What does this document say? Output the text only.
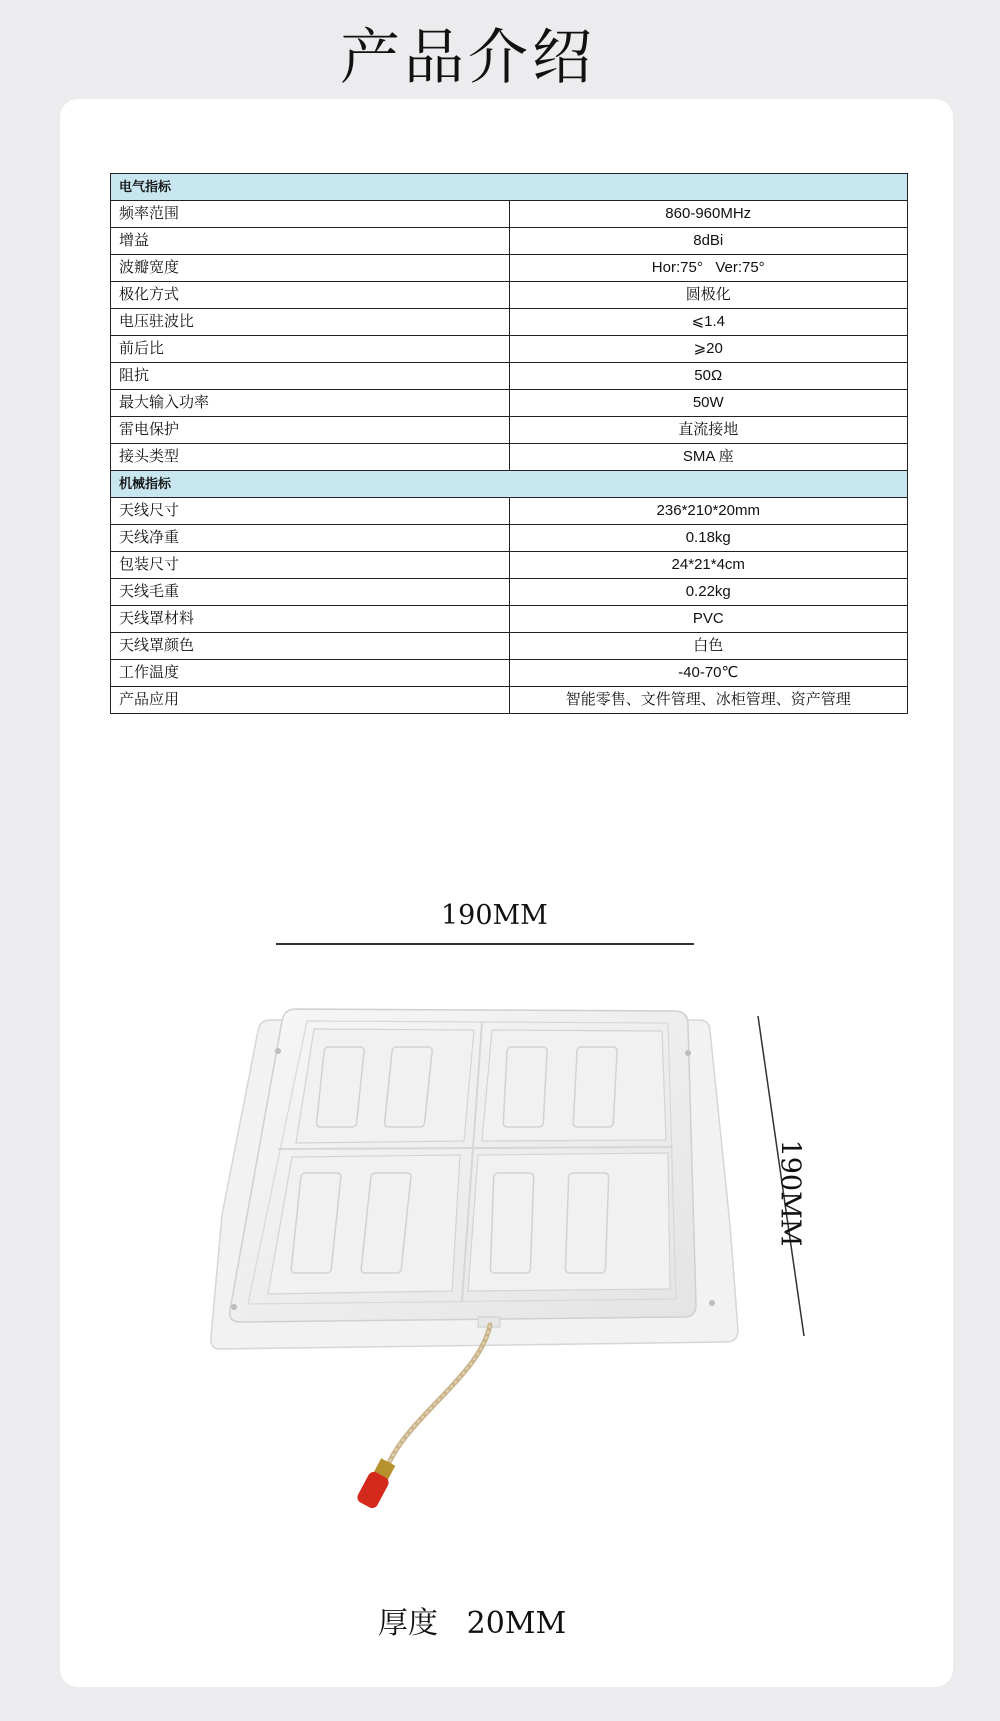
产品介绍
电气指标	
频率范围	860-960MHz
增益	8dBi
波瓣宽度	Hor:75°   Ver:75°
极化方式	圆极化
电压驻波比	⩽1.4
前后比	⩾20
阻抗	50Ω
最大输入功率	50W
雷电保护	直流接地
接头类型	SMA 座
机械指标	
天线尺寸	236*210*20mm
天线净重	0.18kg
包装尺寸	24*21*4cm
天线毛重	0.22kg
天线罩材料	PVC
天线罩颜色	白色
工作温度	-40-70℃
产品应用	智能零售、文件管理、冰柜管理、资产管理
190MM
190MM
厚度 20MM
